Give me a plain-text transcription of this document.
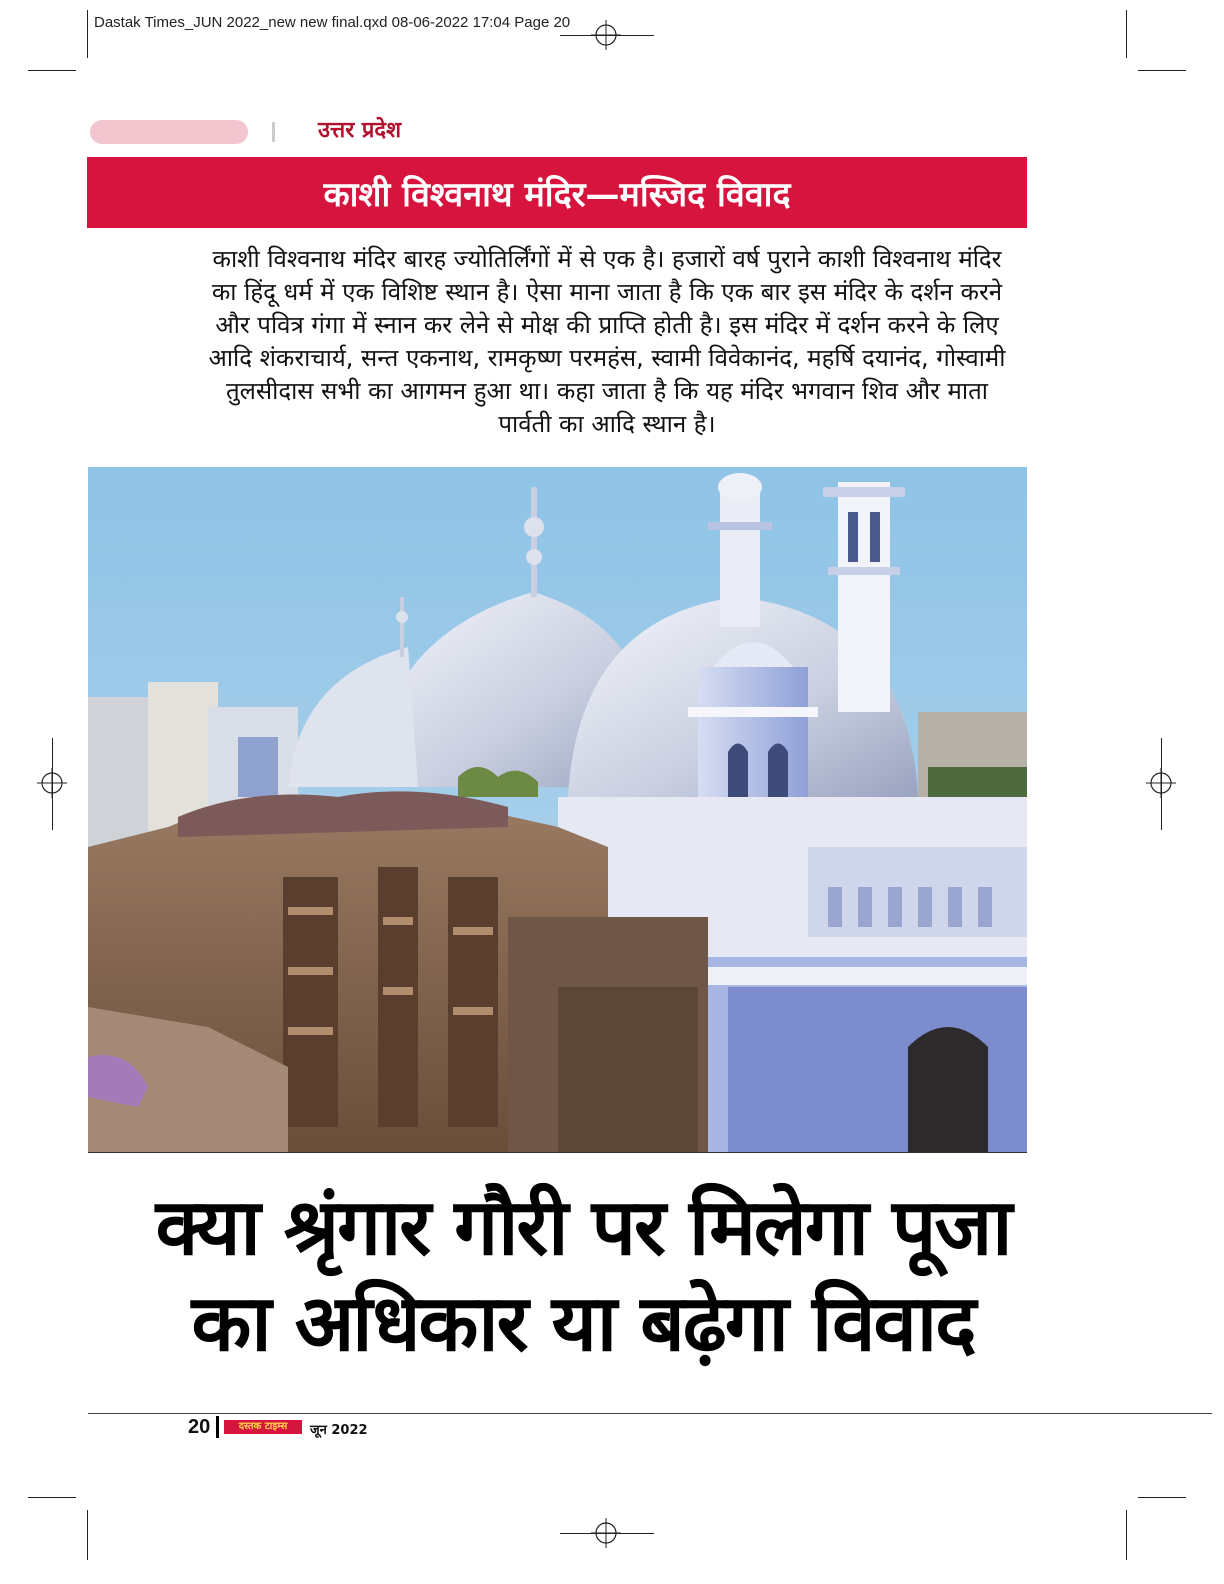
Dastak Times_JUN 2022_new new final.qxd 08-06-2022 17:04 Page 20
उत्तर प्रदेश
काशी विश्वनाथ मंदिर—मस्जिद विवाद
काशी विश्वनाथ मंदिर बारह ज्योतिर्लिंगों में से एक है। हजारों वर्ष पुराने काशी विश्वनाथ मंदिर
का हिंदू धर्म में एक विशिष्ट स्थान है। ऐसा माना जाता है कि एक बार इस मंदिर के दर्शन करने
और पवित्र गंगा में स्नान कर लेने से मोक्ष की प्राप्ति होती है। इस मंदिर में दर्शन करने के लिए
आदि शंकराचार्य, सन्त एकनाथ, रामकृष्ण परमहंस, स्वामी विवेकानंद, महर्षि दयानंद, गोस्वामी
तुलसीदास सभी का आगमन हुआ था। कहा जाता है कि यह मंदिर भगवान शिव और माता
पार्वती का आदि स्थान है।
क्या श्रृंगार गौरी पर मिलेगा पूजा
का अधिकार या बढ़ेगा विवाद
20	दस्तक टाइम्स	जून 2022
